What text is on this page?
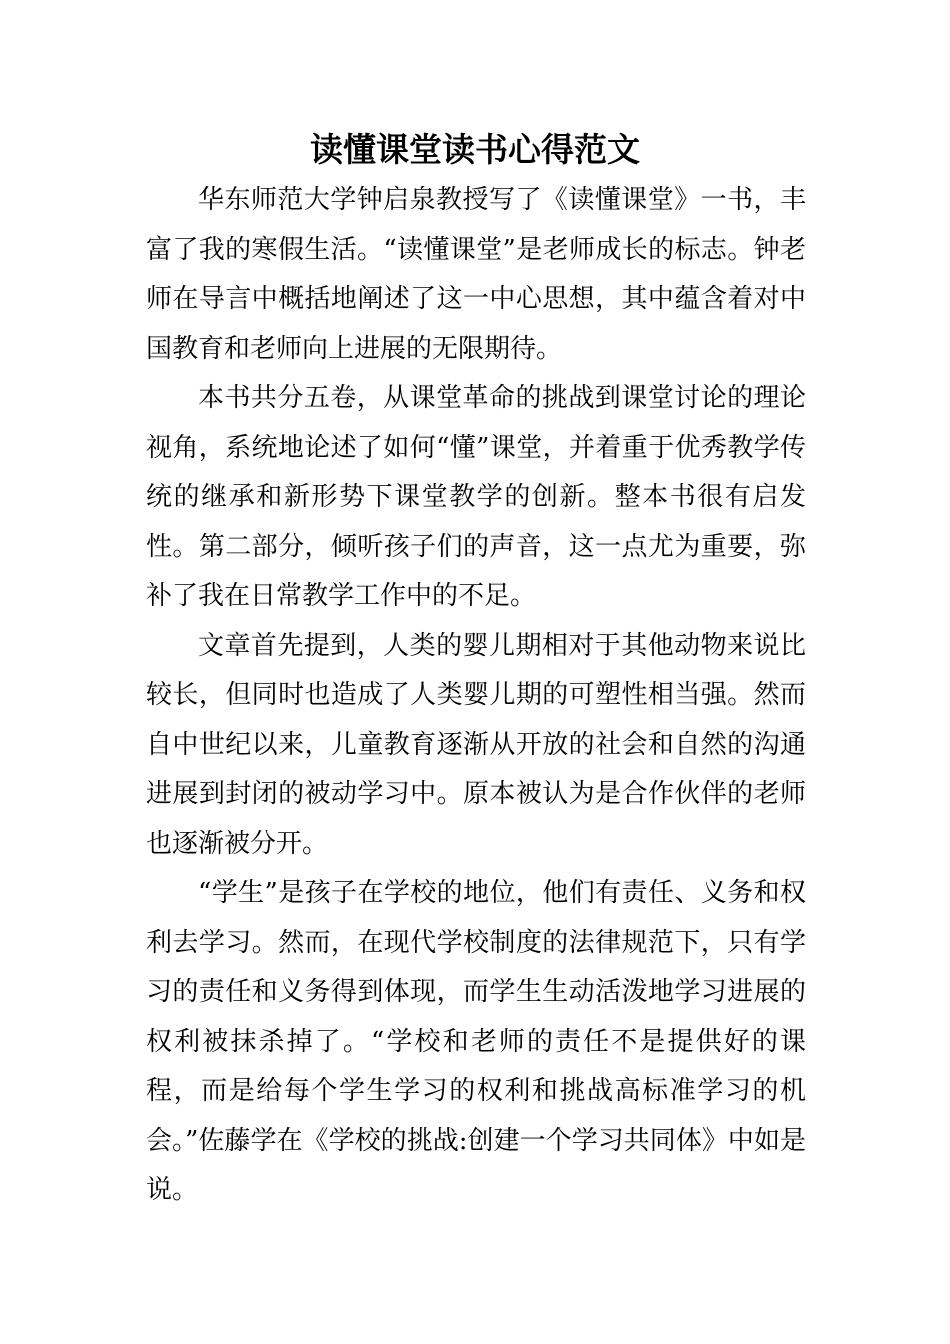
读懂课堂读书心得范文

华东师范大学钟启泉教授写了《读懂课堂》一书，丰富了我的寒假生活。“读懂课堂”是老师成长的标志。钟老师在导言中概括地阐述了这一中心思想，其中蕴含着对中国教育和老师向上进展的无限期待。

本书共分五卷，从课堂革命的挑战到课堂讨论的理论视角，系统地论述了如何“懂”课堂，并着重于优秀教学传统的继承和新形势下课堂教学的创新。整本书很有启发性。第二部分，倾听孩子们的声音，这一点尤为重要，弥补了我在日常教学工作中的不足。

文章首先提到，人类的婴儿期相对于其他动物来说比较长，但同时也造成了人类婴儿期的可塑性相当强。然而自中世纪以来，儿童教育逐渐从开放的社会和自然的沟通进展到封闭的被动学习中。原本被认为是合作伙伴的老师也逐渐被分开。

“学生”是孩子在学校的地位，他们有责任、义务和权利去学习。然而，在现代学校制度的法律规范下，只有学习的责任和义务得到体现，而学生生动活泼地学习进展的权利被抹杀掉了。“学校和老师的责任不是提供好的课程，而是给每个学生学习的权利和挑战高标准学习的机会。”佐藤学在《学校的挑战:创建一个学习共同体》中如是说。
